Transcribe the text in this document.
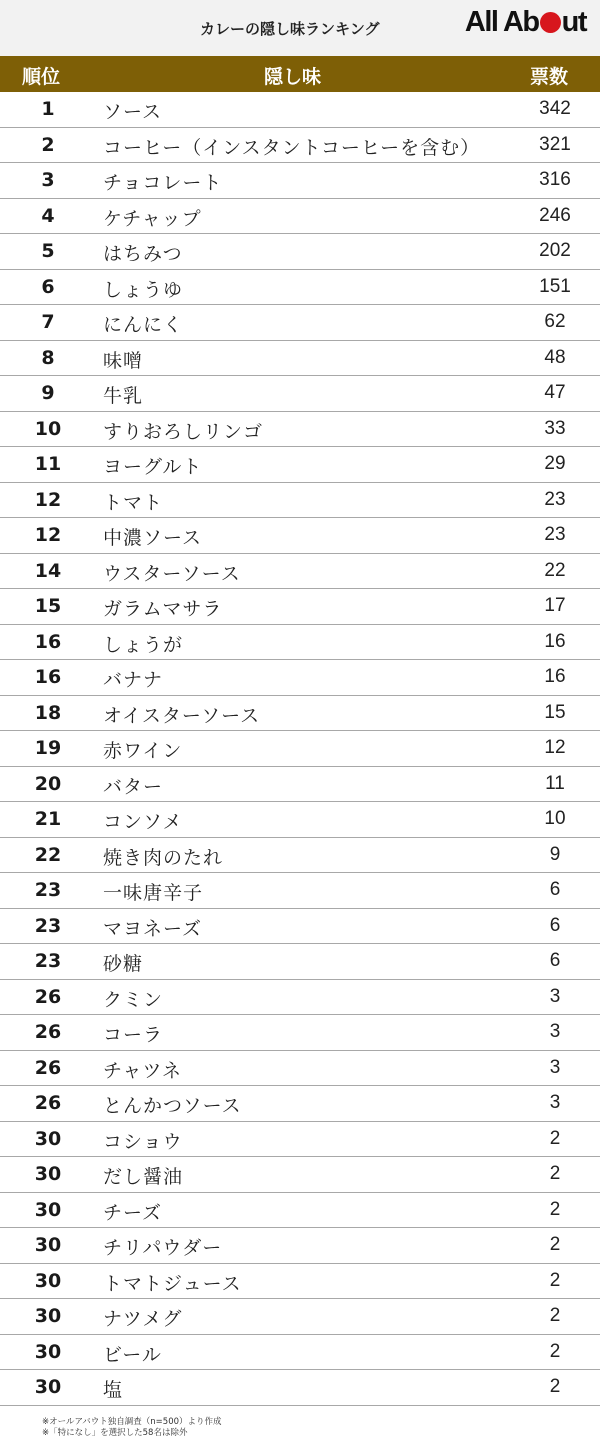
カレーの隠し味ランキング	All Ab ut
順位	隠し味	票数
1	ソース	342
2	コーヒー（インスタントコーヒーを含む）	321
3	チョコレート	316
4	ケチャップ	246
5	はちみつ	202
6	しょうゆ	151
7	にんにく	62
8	味噌	48
9	牛乳	47
10	すりおろしリンゴ	33
11	ヨーグルト	29
12	トマト	23
12	中濃ソース	23
14	ウスターソース	22
15	ガラムマサラ	17
16	しょうが	16
16	バナナ	16
18	オイスターソース	15
19	赤ワイン	12
20	バター	11
21	コンソメ	10
22	焼き肉のたれ	9
23	一味唐辛子	6
23	マヨネーズ	6
23	砂糖	6
26	クミン	3
26	コーラ	3
26	チャツネ	3
26	とんかつソース	3
30	コショウ	2
30	だし醤油	2
30	チーズ	2
30	チリパウダー	2
30	トマトジュース	2
30	ナツメグ	2
30	ビール	2
30	塩	2
※オールアバウト独自調査（n=500）より作成
※「特になし」を選択した58名は除外
